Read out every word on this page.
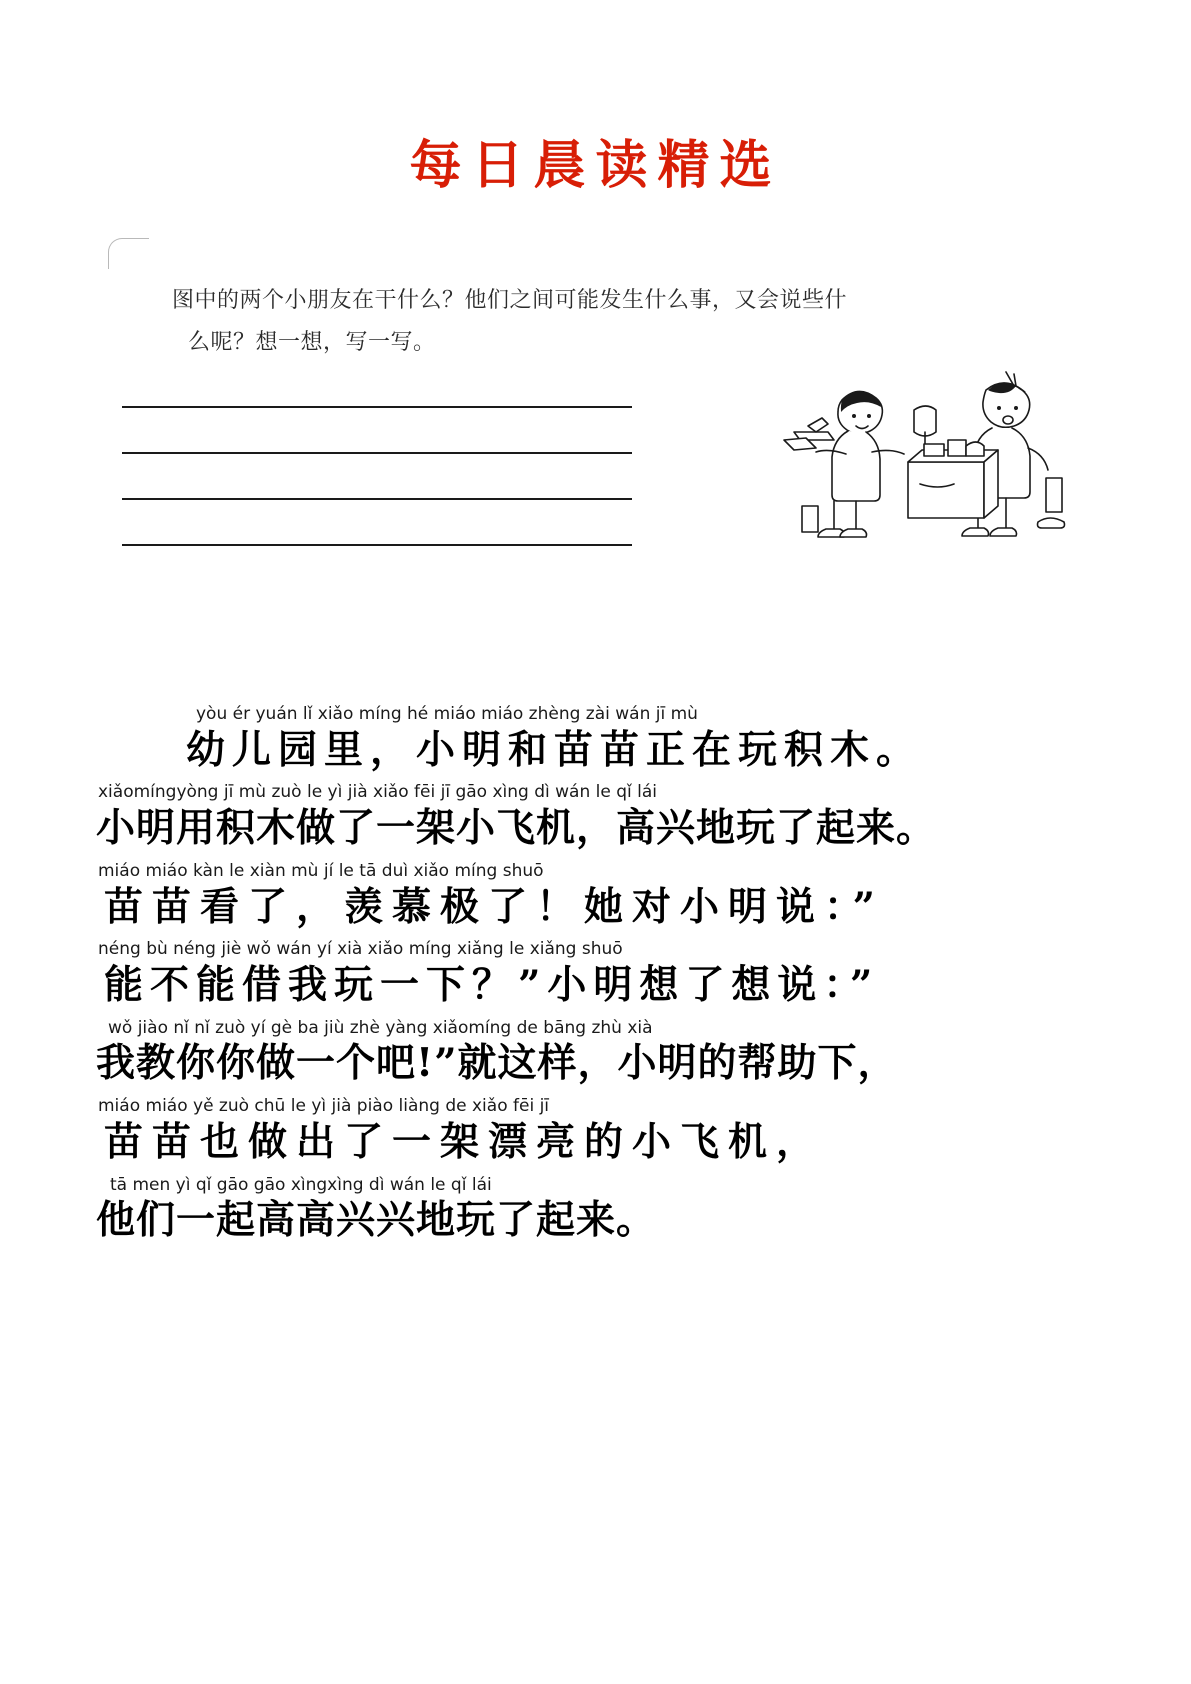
每日晨读精选
图中的两个小朋友在干什么？他们之间可能发生什么事，又会说些什
么呢？想一想，写一写。
yòu ér yuán lǐ xiǎo míng hé miáo miáo zhèng zài wán jī mù
幼儿园里，小明和苗苗正在玩积木。
xiǎomíngyòng jī mù zuò le yì jià xiǎo fēi jī gāo xìng dì wán le qǐ lái
小明用积木做了一架小飞机，高兴地玩了起来。
miáo miáo kàn le xiàn mù jí le tā duì xiǎo míng shuō
苗苗看了，羡慕极了！她对小明说：”
néng bù néng jiè wǒ wán yí xià xiǎo míng xiǎng le xiǎng shuō
能不能借我玩一下？”小明想了想说：”
wǒ jiào nǐ nǐ zuò yí gè ba jiù zhè yàng xiǎomíng de bāng zhù xià
我教你你做一个吧!”就这样，小明的帮助下，
miáo miáo yě zuò chū le yì jià piào liàng de xiǎo fēi jī
苗苗也做出了一架漂亮的小飞机，
tā men yì qǐ gāo gāo xìngxìng dì wán le qǐ lái
他们一起高高兴兴地玩了起来。
